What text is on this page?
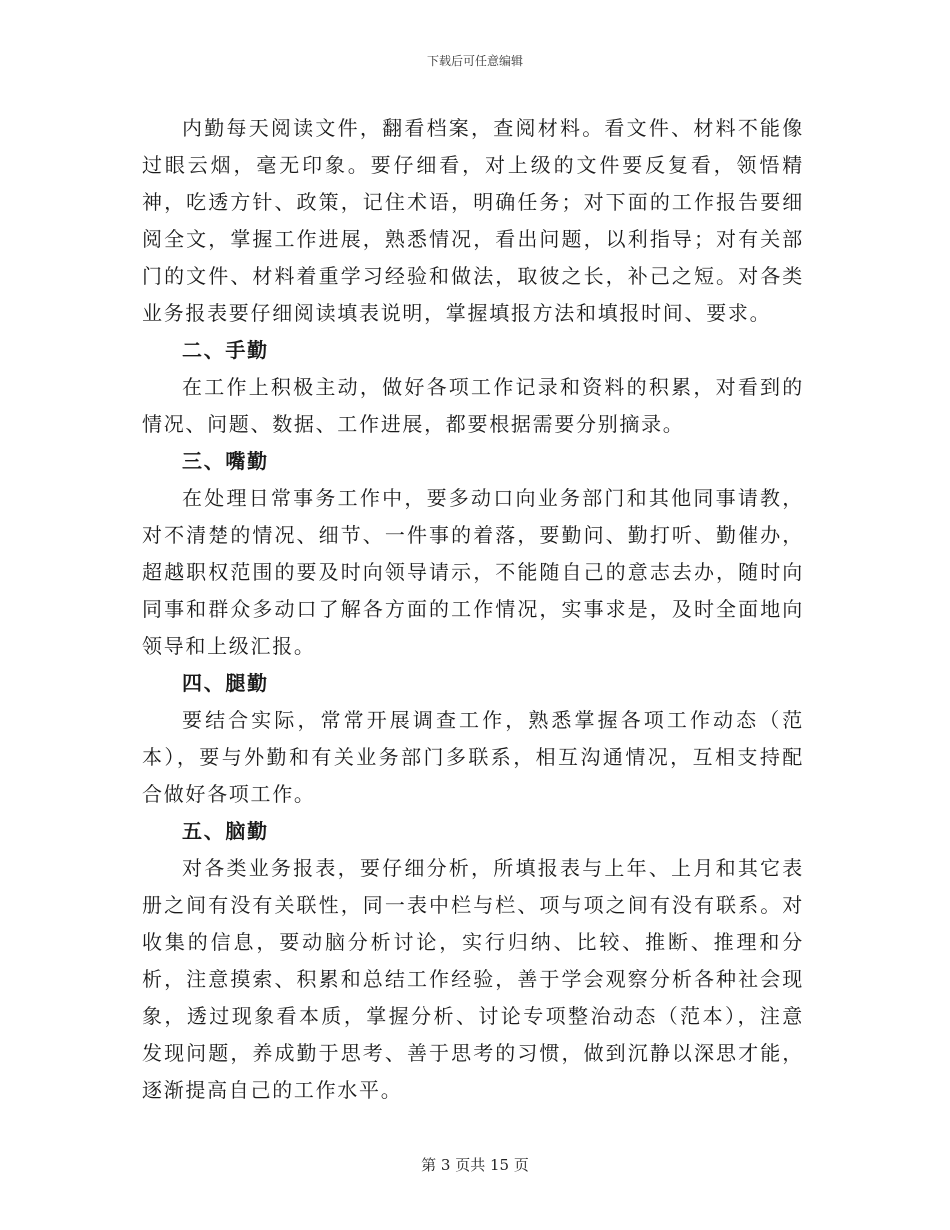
下载后可任意编辑

内勤每天阅读文件，翻看档案，查阅材料。看文件、材料不能像过眼云烟，毫无印象。要仔细看，对上级的文件要反复看，领悟精神，吃透方针、政策，记住术语，明确任务；对下面的工作报告要细阅全文，掌握工作进展，熟悉情况，看出问题，以利指导；对有关部门的文件、材料着重学习经验和做法，取彼之长，补己之短。对各类业务报表要仔细阅读填表说明，掌握填报方法和填报时间、要求。

二、手勤

在工作上积极主动，做好各项工作记录和资料的积累，对看到的情况、问题、数据、工作进展，都要根据需要分别摘录。

三、嘴勤

在处理日常事务工作中，要多动口向业务部门和其他同事请教，对不清楚的情况、细节、一件事的着落，要勤问、勤打听、勤催办，超越职权范围的要及时向领导请示，不能随自己的意志去办，随时向同事和群众多动口了解各方面的工作情况，实事求是，及时全面地向领导和上级汇报。

四、腿勤

要结合实际，常常开展调查工作，熟悉掌握各项工作动态（范本），要与外勤和有关业务部门多联系，相互沟通情况，互相支持配合做好各项工作。

五、脑勤

对各类业务报表，要仔细分析，所填报表与上年、上月和其它表册之间有没有关联性，同一表中栏与栏、项与项之间有没有联系。对收集的信息，要动脑分析讨论，实行归纳、比较、推断、推理和分析，注意摸索、积累和总结工作经验，善于学会观察分析各种社会现象，透过现象看本质，掌握分析、讨论专项整治动态（范本），注意发现问题，养成勤于思考、善于思考的习惯，做到沉静以深思才能，逐渐提高自己的工作水平。

第 3 页共 15 页
